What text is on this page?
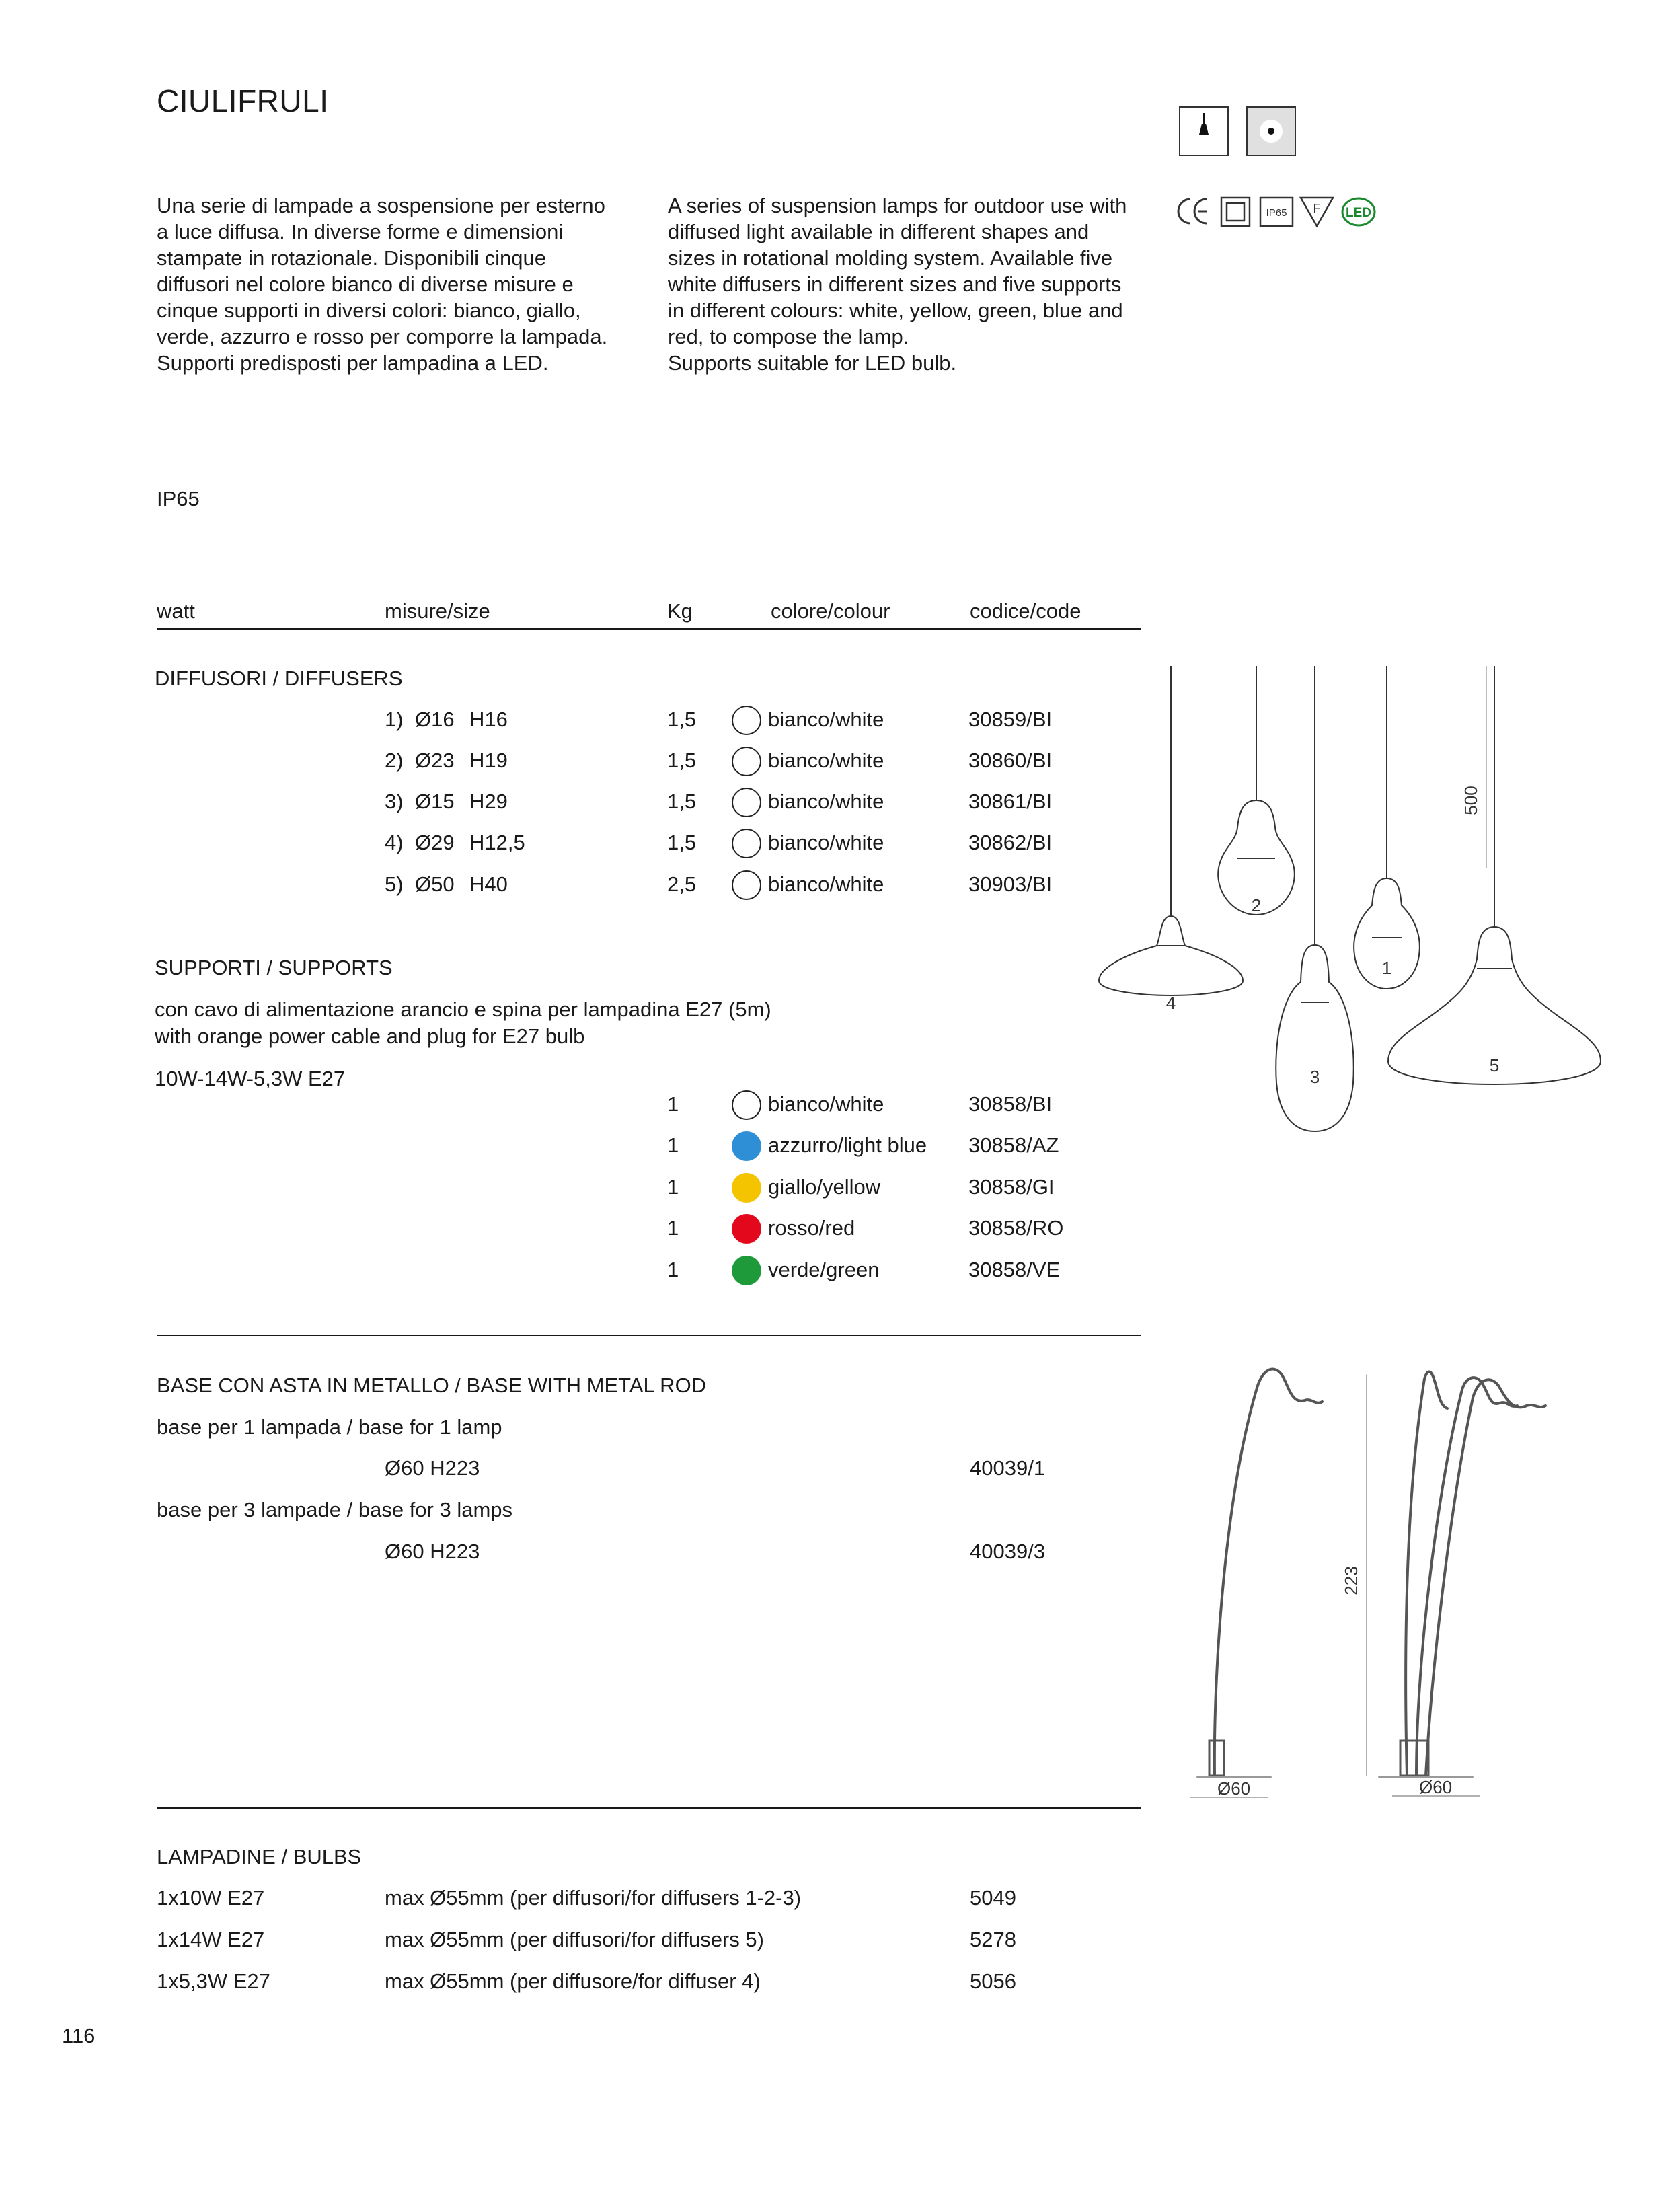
CIULIFRULI
Una serie di lampade a sospensione per esterno a luce diffusa. In diverse forme e dimensioni stampate in rotazionale. Disponibili cinque diffusori nel colore bianco di diverse misure e cinque supporti in diversi colori: bianco, giallo, verde, azzurro e rosso per comporre la lampada.
Supporti predisposti per lampadina a LED.
A series of suspension lamps for outdoor use with diffused light available in different shapes and sizes in rotational molding system. Available five white diffusers in different sizes and five supports in different colours: white, yellow, green, blue and red, to compose the lamp.
Supports suitable for LED bulb.
IP65 F LED
IP65
watt	misure/size	Kg	colore/colour	codice/code
DIFFUSORI / DIFFUSERS
1) Ø16 H16	1,5	bianco/white	30859/BI
2) Ø23 H19	1,5	bianco/white	30860/BI
3) Ø15 H29	1,5	bianco/white	30861/BI
4) Ø29 H12,5	1,5	bianco/white	30862/BI
5) Ø50 H40	2,5	bianco/white	30903/BI
SUPPORTI / SUPPORTS
con cavo di alimentazione arancio e spina per lampadina E27 (5m)
with orange power cable and plug for E27 bulb
10W-14W-5,3W E27
1	bianco/white	30858/BI
1	azzurro/light blue 30858/AZ
1	giallo/yellow	30858/GI
1	rosso/red	30858/RO
1	verde/green	30858/VE
BASE CON ASTA IN METALLO / BASE WITH METAL ROD
base per 1 lampada / base for 1 lamp
Ø60 H223	40039/1
base per 3 lampade / base for 3 lamps
Ø60 H223	40039/3
LAMPADINE / BULBS
1x10W E27	max Ø55mm (per diffusori/for diffusers 1-2-3)	5049
1x14W E27	max Ø55mm (per diffusori/for diffusers 5)	5278
1x5,3W E27	max Ø55mm (per diffusore/for diffuser 4)	5056
116
500
1
2
3
4
5
223
Ø60	Ø60
